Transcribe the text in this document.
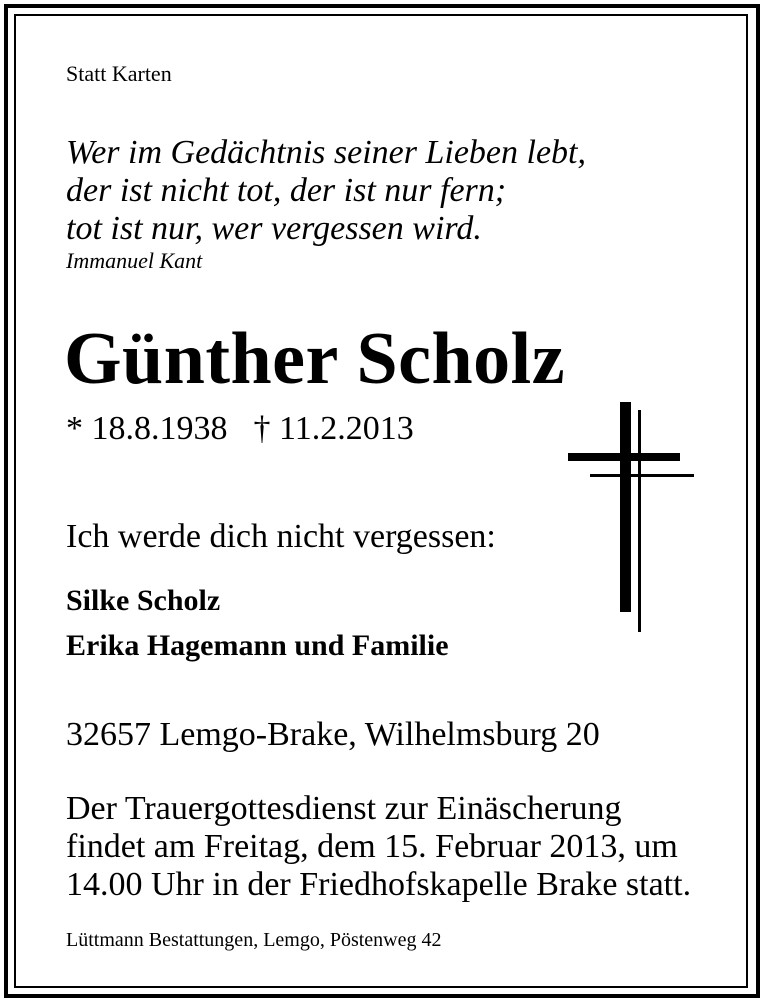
Statt Karten
Wer im Gedächtnis seiner Lieben lebt,
der ist nicht tot, der ist nur fern;
tot ist nur, wer vergessen wird.
Immanuel Kant
Günther Scholz
* 18.8.1938 † 11.2.2013
Ich werde dich nicht vergessen:
Silke Scholz
Erika Hagemann und Familie
32657 Lemgo-Brake, Wilhelmsburg 20
Der Trauergottesdienst zur Einäscherung
findet am Freitag, dem 15. Februar 2013, um
14.00 Uhr in der Friedhofskapelle Brake statt.
Lüttmann Bestattungen, Lemgo, Pöstenweg 42
